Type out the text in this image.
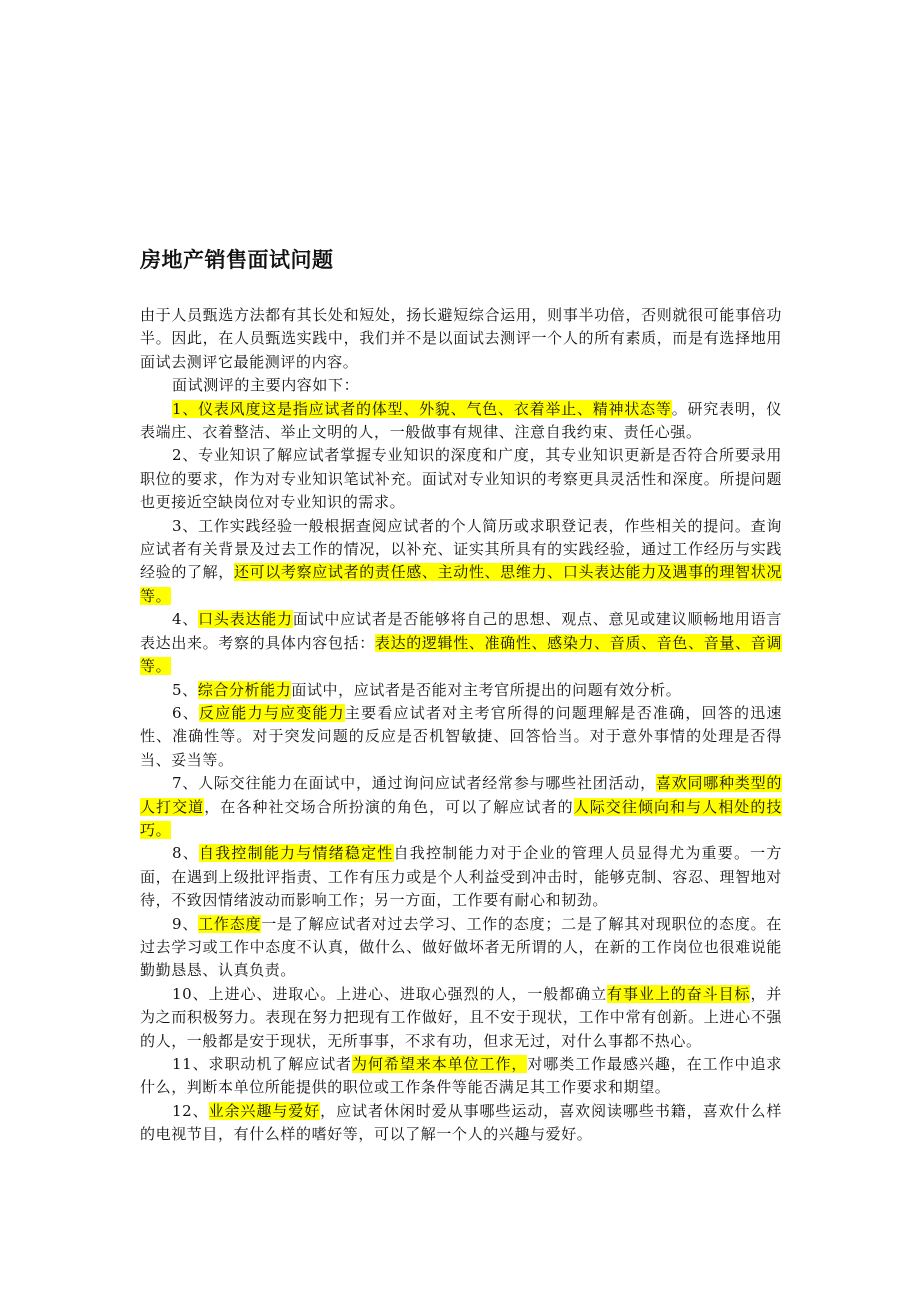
房地产销售面试问题

由于人员甄选方法都有其长处和短处，扬长避短综合运用，则事半功倍，否则就很可能事倍功半。因此，在人员甄选实践中，我们并不是以面试去测评一个人的所有素质，而是有选择地用面试去测评它最能测评的内容。

面试测评的主要内容如下：

1、仪表风度这是指应试者的体型、外貌、气色、衣着举止、精神状态等。研究表明，仪表端庄、衣着整洁、举止文明的人，一般做事有规律、注意自我约束、责任心强。

2、专业知识了解应试者掌握专业知识的深度和广度，其专业知识更新是否符合所要录用职位的要求，作为对专业知识笔试补充。面试对专业知识的考察更具灵活性和深度。所提问题也更接近空缺岗位对专业知识的需求。

3、工作实践经验一般根据查阅应试者的个人简历或求职登记表，作些相关的提问。查询应试者有关背景及过去工作的情况，以补充、证实其所具有的实践经验，通过工作经历与实践经验的了解，还可以考察应试者的责任感、主动性、思维力、口头表达能力及遇事的理智状况等。

4、口头表达能力面试中应试者是否能够将自己的思想、观点、意见或建议顺畅地用语言表达出来。考察的具体内容包括：表达的逻辑性、准确性、感染力、音质、音色、音量、音调等。

5、综合分析能力面试中，应试者是否能对主考官所提出的问题有效分析。

6、反应能力与应变能力主要看应试者对主考官所得的问题理解是否准确，回答的迅速性、准确性等。对于突发问题的反应是否机智敏捷、回答恰当。对于意外事情的处理是否得当、妥当等。

7、人际交往能力在面试中，通过询问应试者经常参与哪些社团活动，喜欢同哪种类型的人打交道，在各种社交场合所扮演的角色，可以了解应试者的人际交往倾向和与人相处的技巧。

8、自我控制能力与情绪稳定性自我控制能力对于企业的管理人员显得尤为重要。一方面，在遇到上级批评指责、工作有压力或是个人利益受到冲击时，能够克制、容忍、理智地对待，不致因情绪波动而影响工作；另一方面，工作要有耐心和韧劲。

9、工作态度一是了解应试者对过去学习、工作的态度；二是了解其对现职位的态度。在过去学习或工作中态度不认真，做什么、做好做坏者无所谓的人，在新的工作岗位也很难说能勤勤恳恳、认真负责。

10、上进心、进取心。上进心、进取心强烈的人，一般都确立有事业上的奋斗目标，并为之而积极努力。表现在努力把现有工作做好，且不安于现状，工作中常有创新。上进心不强的人，一般都是安于现状，无所事事，不求有功，但求无过，对什么事都不热心。

11、求职动机了解应试者为何希望来本单位工作，对哪类工作最感兴趣，在工作中追求什么，判断本单位所能提供的职位或工作条件等能否满足其工作要求和期望。

12、业余兴趣与爱好，应试者休闲时爱从事哪些运动，喜欢阅读哪些书籍，喜欢什么样的电视节目，有什么样的嗜好等，可以了解一个人的兴趣与爱好。
